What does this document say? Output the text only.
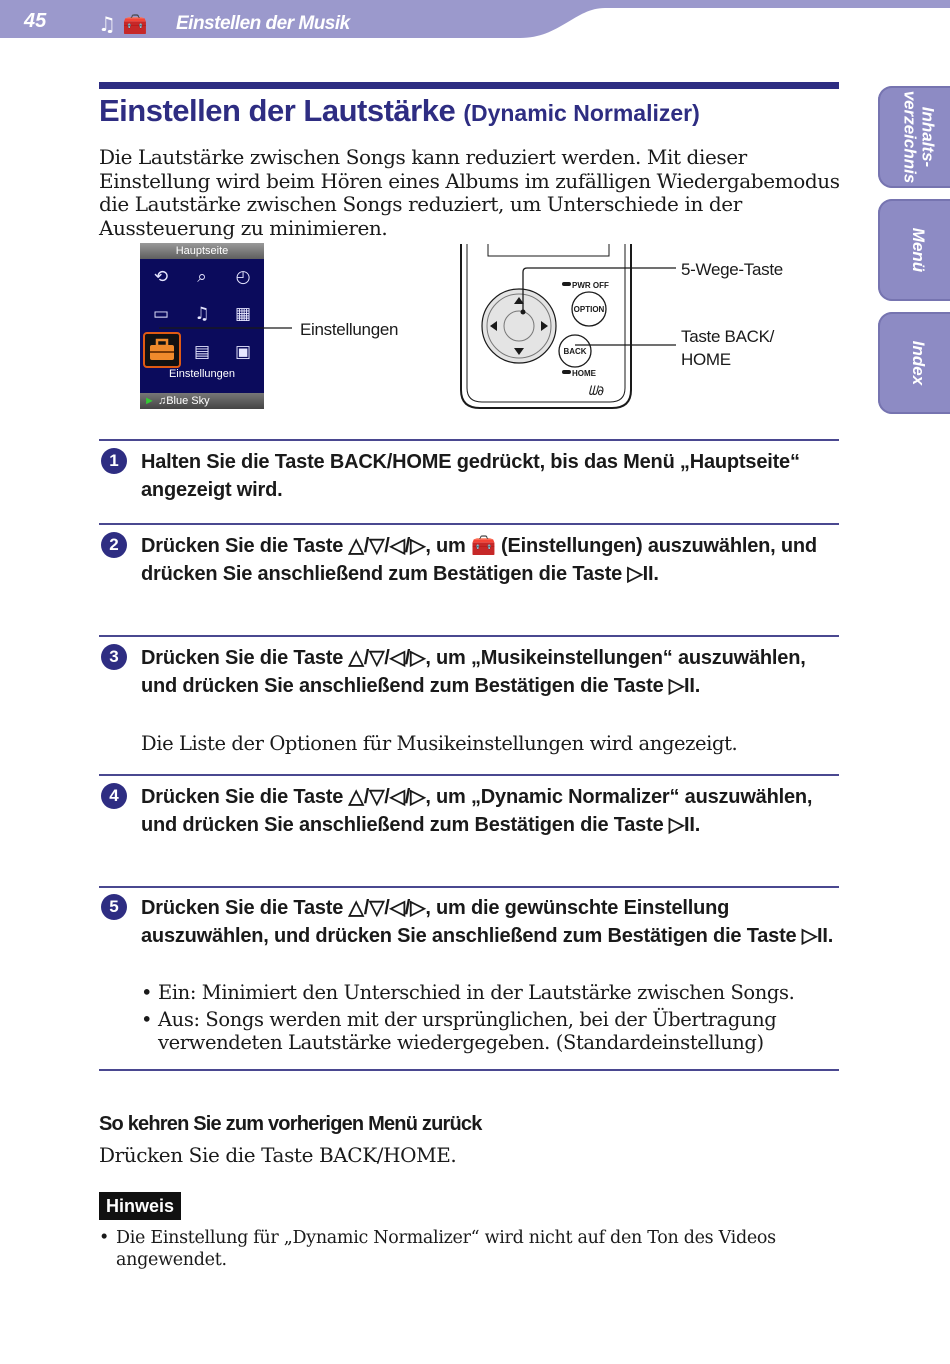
45	♫ 🧰 Einstellen der Musik
Inhalts-
verzeichnis
Menü
Index
Einstellen der Lautstärke (Dynamic Normalizer)
Die Lautstärke zwischen Songs kann reduziert werden. Mit dieser Einstellung wird beim Hören eines Albums im zufälligen Wiedergabemodus die Lautstärke zwischen Songs reduziert, um Unterschiede in der Aussteuerung zu minimieren.
Hauptseite
⟲	⌕	◴
▭ ♫ ▦
▤ ▣
Einstellungen
► ♫Blue Sky
PWR OFF
OPTION
BACK
HOME
ᗯ∂
Einstellungen
5-Wege-Taste
Taste BACK/
HOME
1	Halten Sie die Taste BACK/HOME gedrückt, bis das Menü „Hauptseite“ angezeigt wird.
2	Drücken Sie die Taste △/▽/◁/▷, um 🧰 (Einstellungen) auszuwählen, und drücken Sie anschließend zum Bestätigen die Taste ▷II.
3	Drücken Sie die Taste △/▽/◁/▷, um „Musikeinstellungen“ auszuwählen, und drücken Sie anschließend zum Bestätigen die Taste ▷II.
Die Liste der Optionen für Musikeinstellungen wird angezeigt.
4	Drücken Sie die Taste △/▽/◁/▷, um „Dynamic Normalizer“ auszuwählen, und drücken Sie anschließend zum Bestätigen die Taste ▷II.
5	Drücken Sie die Taste △/▽/◁/▷, um die gewünschte Einstellung auszuwählen, und drücken Sie anschließend zum Bestätigen die Taste ▷II.
• Ein: Minimiert den Unterschied in der Lautstärke zwischen Songs.
• Aus: Songs werden mit der ursprünglichen, bei der Übertragung verwendeten Lautstärke wiedergegeben. (Standardeinstellung)
So kehren Sie zum vorherigen Menü zurück
Drücken Sie die Taste BACK/HOME.
Hinweis
• Die Einstellung für „Dynamic Normalizer“ wird nicht auf den Ton des Videos angewendet.
